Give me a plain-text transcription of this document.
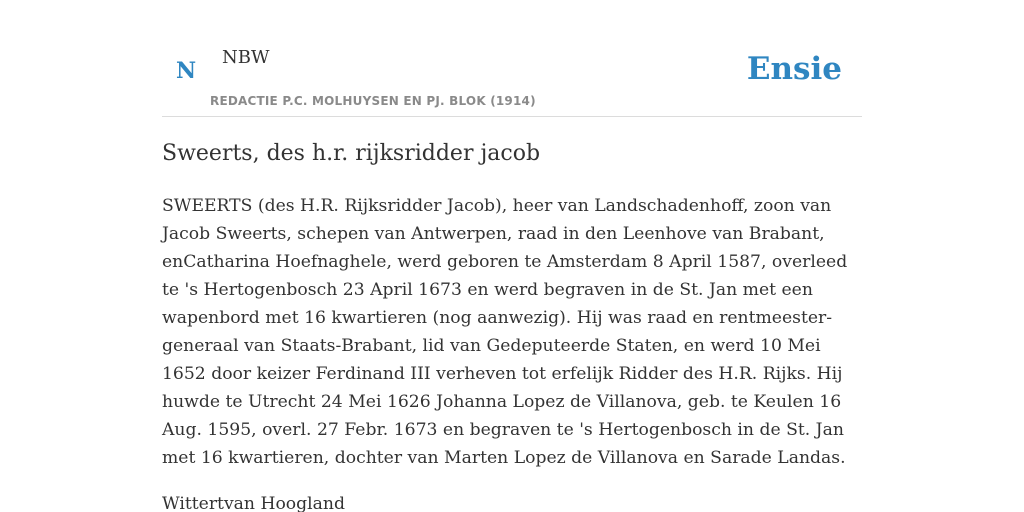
N
NBW
REDACTIE P.C. MOLHUYSEN EN PJ. BLOK (1914)
Ensie
Sweerts, des h.r. rijksridder jacob

SWEERTS (des H.R. Rijksridder Jacob), heer van Landschadenhoff, zoon van Jacob Sweerts, schepen van Antwerpen, raad in den Leenhove van Brabant, enCatharina Hoefnaghele, werd geboren te Amsterdam 8 April 1587, overleed te 's Hertogenbosch 23 April 1673 en werd begraven in de St. Jan met een wapenbord met 16 kwartieren (nog aanwezig). Hij was raad en rentmeester-generaal van Staats-Brabant, lid van Gedeputeerde Staten, en werd 10 Mei 1652 door keizer Ferdinand III verheven tot erfelijk Ridder des H.R. Rijks. Hij huwde te Utrecht 24 Mei 1626 Johanna Lopez de Villanova, geb. te Keulen 16 Aug. 1595, overl. 27 Febr. 1673 en begraven te 's Hertogenbosch in de St. Jan met 16 kwartieren, dochter van Marten Lopez de Villanova en Sarade Landas.

Wittertvan Hoogland
